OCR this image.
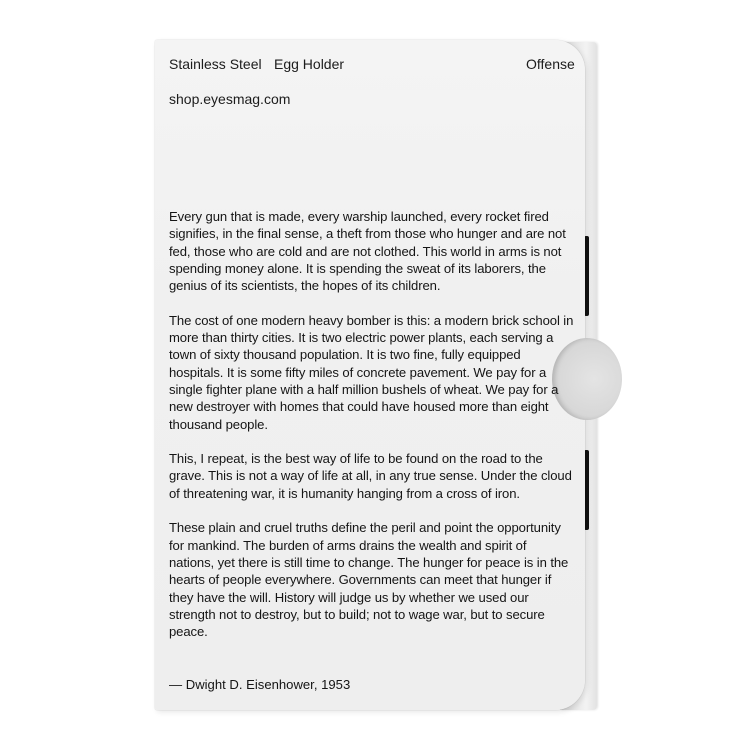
Stainless Steel Egg Holder	Offense
shop.eyesmag.com

Every gun that is made, every warship launched, every rocket fired signifies, in the final sense, a theft from those who hunger and are not fed, those who are cold and are not clothed. This world in arms is not spending money alone. It is spending the sweat of its laborers, the genius of its scientists, the hopes of its children.

The cost of one modern heavy bomber is this: a modern brick school in more than thirty cities. It is two electric power plants, each serving a town of sixty thousand population. It is two fine, fully equipped hospitals. It is some fifty miles of concrete pavement. We pay for a single fighter plane with a half million bushels of wheat. We pay for a new destroyer with homes that could have housed more than eight thousand people.

This, I repeat, is the best way of life to be found on the road to the grave. This is not a way of life at all, in any true sense. Under the cloud of threatening war, it is humanity hanging from a cross of iron.

These plain and cruel truths define the peril and point the opportunity for mankind. The burden of arms drains the wealth and spirit of nations, yet there is still time to change. The hunger for peace is in the hearts of people everywhere. Governments can meet that hunger if they have the will. History will judge us by whether we used our strength not to destroy, but to build; not to wage war, but to secure peace.

— Dwight D. Eisenhower, 1953
